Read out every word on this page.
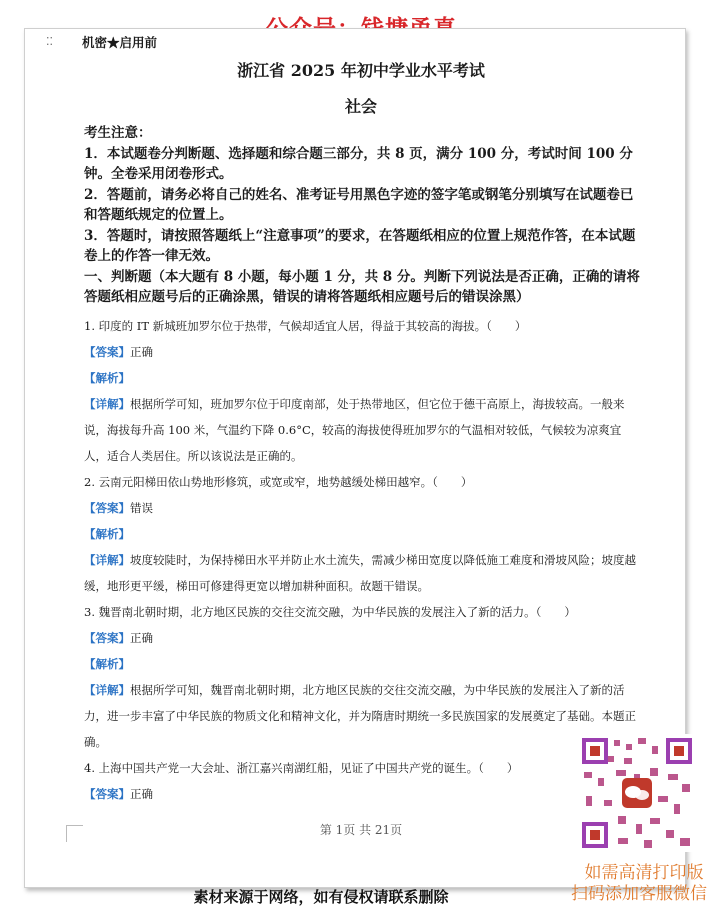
⁚⁚ 机密★启用前
浙江省 2025 年初中学业水平考试
社会

考生注意：

1．本试题卷分判断题、选择题和综合题三部分，共 8 页，满分 100 分，考试时间 100 分钟。全卷采用闭卷形式。

2．答题前，请务必将自己的姓名、准考证号用黑色字迹的签字笔或钢笔分别填写在试题卷已和答题纸规定的位置上。

3．答题时，请按照答题纸上“注意事项”的要求，在答题纸相应的位置上规范作答，在本试题卷上的作答一律无效。

一、判断题（本大题有 8 小题，每小题 1 分，共 8 分。判断下列说法是否正确，正确的请将答题纸相应题号后的正确涂黑，错误的请将答题纸相应题号后的错误涂黑）

1. 印度的 IT 新城班加罗尔位于热带，气候却适宜人居，得益于其较高的海拔。（　　）

【答案】正确

【解析】

【详解】根据所学可知，班加罗尔位于印度南部，处于热带地区，但它位于德干高原上，海拔较高。一般来说，海拔每升高 100 米，气温约下降 0.6°C，较高的海拔使得班加罗尔的气温相对较低，气候较为凉爽宜人，适合人类居住。所以该说法是正确的。

2. 云南元阳梯田依山势地形修筑，或宽或窄，地势越缓处梯田越窄。（　　）

【答案】错误

【解析】

【详解】坡度较陡时，为保持梯田水平并防止水土流失，需减少梯田宽度以降低施工难度和滑坡风险；坡度越缓，地形更平缓，梯田可修建得更宽以增加耕种面积。故题干错误。

3. 魏晋南北朝时期，北方地区民族的交往交流交融，为中华民族的发展注入了新的活力。（　　）

【答案】正确

【解析】

【详解】根据所学可知，魏晋南北朝时期，北方地区民族的交往交流交融，为中华民族的发展注入了新的活力，进一步丰富了中华民族的物质文化和精神文化，并为隋唐时期统一多民族国家的发展奠定了基础。本题正确。

4. 上海中国共产党一大会址、浙江嘉兴南湖红船，见证了中国共产党的诞生。（　　）

【答案】正确

第 1页 共 21页
素材来源于网络，如有侵权请联系删除
如需高清打印版
扫码添加客服微信
